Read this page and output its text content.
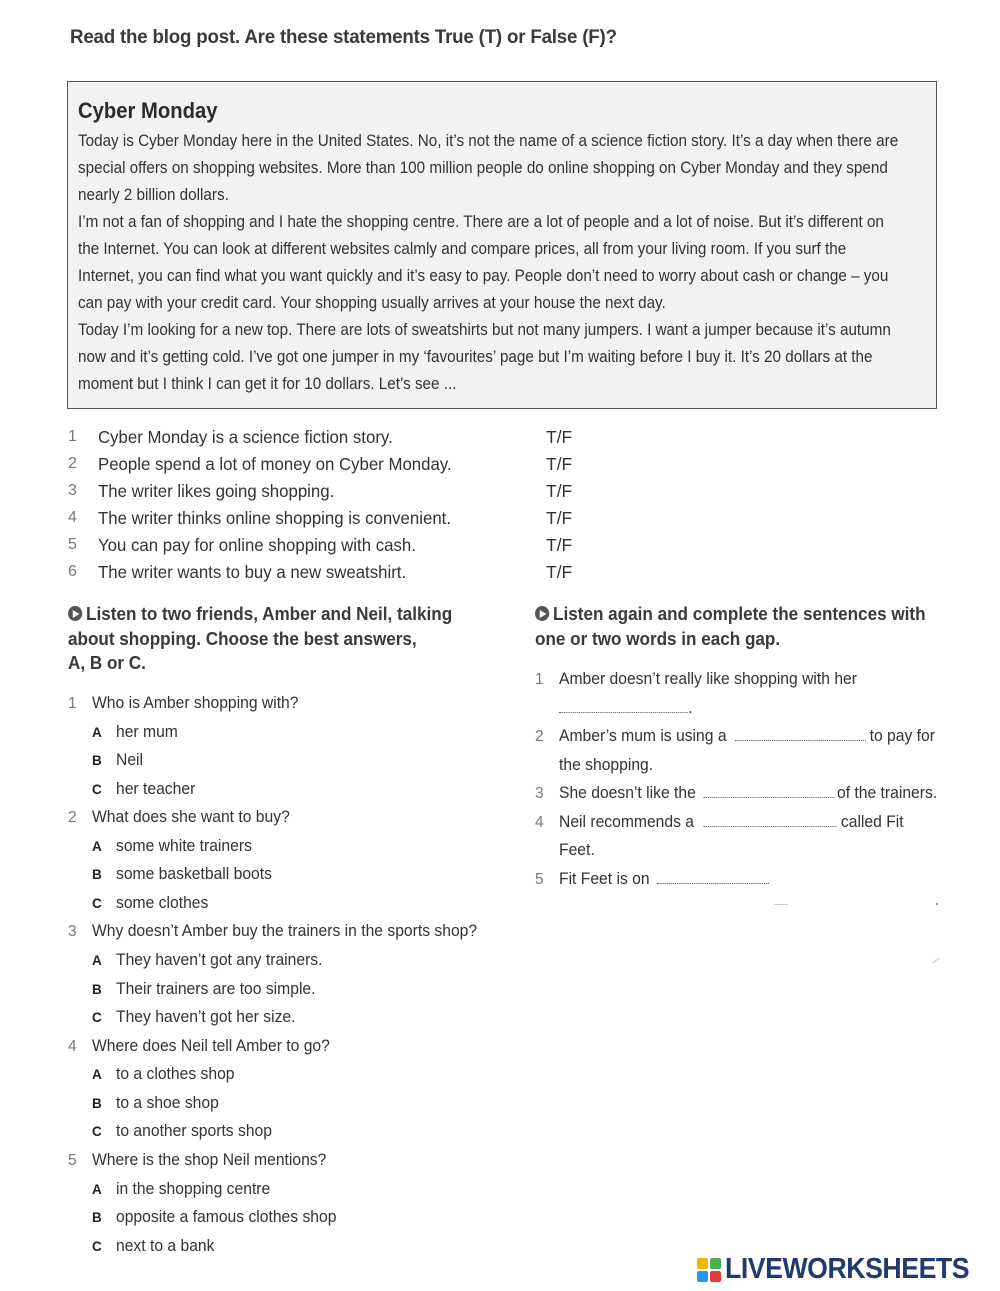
Read the blog post. Are these statements True (T) or False (F)?
Cyber Monday
Today is Cyber Monday here in the United States. No, it’s not the name of a science fiction story. It’s a day when there are
special offers on shopping websites. More than 100 million people do online shopping on Cyber Monday and they spend
nearly 2 billion dollars.
I’m not a fan of shopping and I hate the shopping centre. There are a lot of people and a lot of noise. But it’s different on
the Internet. You can look at different websites calmly and compare prices, all from your living room. If you surf the
Internet, you can find what you want quickly and it’s easy to pay. People don’t need to worry about cash or change – you
can pay with your credit card. Your shopping usually arrives at your house the next day.
Today I’m looking for a new top. There are lots of sweatshirts but not many jumpers. I want a jumper because it’s autumn
now and it’s getting cold. I’ve got one jumper in my ‘favourites’ page but I’m waiting before I buy it. It’s 20 dollars at the
moment but I think I can get it for 10 dollars. Let’s see ...
1	Cyber Monday is a science fiction story.	T/F
2	People spend a lot of money on Cyber Monday.	T/F
3	The writer likes going shopping.	T/F
4	The writer thinks online shopping is convenient.	T/F
5	You can pay for online shopping with cash.	T/F
6	The writer wants to buy a new sweatshirt.	T/F
Listen to two friends, Amber and Neil, talking
about shopping. Choose the best answers,
A, B or C.
1 Who is Amber shopping with?
A her mum
B Neil
C her teacher
2 What does she want to buy?
A some white trainers
B some basketball boots
C some clothes
3 Why doesn’t Amber buy the trainers in the sports shop?
A They haven’t got any trainers.
B Their trainers are too simple.
C They haven’t got her size.
4 Where does Neil tell Amber to go?
A to a clothes shop
B to a shoe shop
C to another sports shop
5 Where is the shop Neil mentions?
A in the shopping centre
B opposite a famous clothes shop
C next to a bank
Listen again and complete the sentences with
one or two words in each gap.
1 Amber doesn’t really like shopping with her
.
2 Amber’s mum is using a	to pay for
the shopping.
3 She doesn’t like the	of the trainers.
4 Neil recommends a	called Fit
Feet.
5 Fit Feet is on
LIVEWORKSHEETS
